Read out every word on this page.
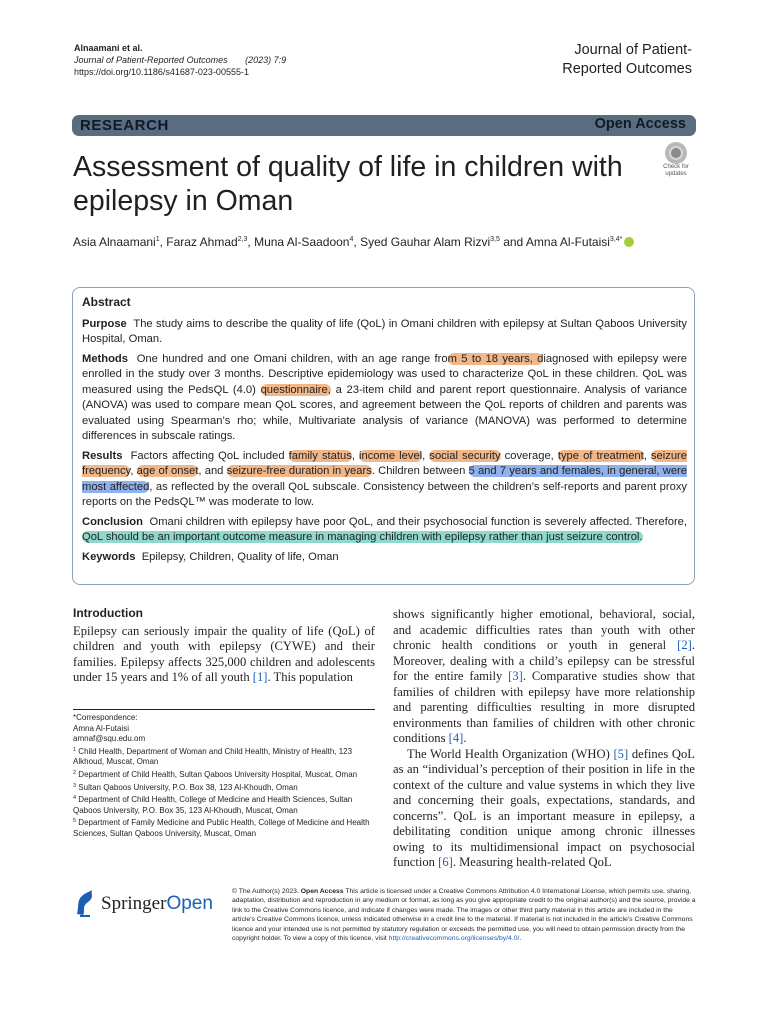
Alnaamani et al.
Journal of Patient-Reported Outcomes (2023) 7:9
https://doi.org/10.1186/s41687-023-00555-1
Journal of Patient-
Reported Outcomes
RESEARCH	Open Access
Assessment of quality of life in children with epilepsy in Oman
Check for
updates
Asia Alnaamani$^1$, Faraz Ahmad$^{2,3}$, Muna Al-Saadoon$^4$, Syed Gauhar Alam Rizvi$^{3,5}$ and Amna Al-Futaisi$^{3,4*}$
Abstract
Purpose The study aims to describe the quality of life (QoL) in Omani children with epilepsy at Sultan Qaboos University Hospital, Oman.
Methods One hundred and one Omani children, with an age range from 5 to 18 years, diagnosed with epilepsy were enrolled in the study over 3 months. Descriptive epidemiology was used to characterize QoL in these children. QoL was measured using the PedsQL (4.0) questionnaire, a 23-item child and parent report questionnaire. Analysis of variance (ANOVA) was used to compare mean QoL scores, and agreement between the QoL reports of children and parents was evaluated using Spearman’s rho; while, Multivariate analysis of variance (MANOVA) was performed to determine differences in subscale ratings.
Results Factors affecting QoL included family status, income level, social security coverage, type of treatment, seizure frequency, age of onset, and seizure-free duration in years. Children between 5 and 7 years and females, in general, were most affected, as reflected by the overall QoL subscale. Consistency between the children’s self-reports and parent proxy reports on the PedsQL™ was moderate to low.
Conclusion Omani children with epilepsy have poor QoL, and their psychosocial function is severely affected. Therefore, QoL should be an important outcome measure in managing children with epilepsy rather than just seizure control.
Keywords Epilepsy, Children, Quality of life, Oman
Introduction

Epilepsy can seriously impair the quality of life (QoL) of children and youth with epilepsy (CYWE) and their families. Epilepsy affects 325,000 children and adolescents under 15 years and 1% of all youth [1]. This population

*Correspondence:
Amna Al-Futaisi
amnaf@squ.edu.om
$^1$ Child Health, Department of Woman and Child Health, Ministry of Health, 123 Alkhoud, Muscat, Oman
$^2$ Department of Child Health, Sultan Qaboos University Hospital, Muscat, Oman
$^3$ Sultan Qaboos University, P.O. Box 38, 123 Al-Khoudh, Oman
$^4$ Department of Child Health, College of Medicine and Health Sciences, Sultan Qaboos University, P.O. Box 35, 123 Al-Khoudh, Muscat, Oman
$^5$ Department of Family Medicine and Public Health, College of Medicine and Health Sciences, Sultan Qaboos University, Muscat, Oman

shows significantly higher emotional, behavioral, social, and academic difficulties rates than youth with other chronic health conditions or youth in general [2]. Moreover, dealing with a child’s epilepsy can be stressful for the entire family [3]. Comparative studies show that families of children with epilepsy have more relationship and parenting difficulties resulting in more disrupted environments than families of children with other chronic conditions [4].

The World Health Organization (WHO) [5] defines QoL as an “individual’s perception of their position in life in the context of the culture and value systems in which they live and concerning their goals, expectations, standards, and concerns”. QoL is an important measure in epilepsy, a debilitating condition unique among chronic illnesses owing to its multidimensional impact on psychosocial function [6]. Measuring health-related QoL

SpringerOpen
© The Author(s) 2023. Open Access This article is licensed under a Creative Commons Attribution 4.0 International License, which permits use, sharing, adaptation, distribution and reproduction in any medium or format, as long as you give appropriate credit to the original author(s) and the source, provide a link to the Creative Commons licence, and indicate if changes were made. The images or other third party material in this article are included in the article’s Creative Commons licence, unless indicated otherwise in a credit line to the material. If material is not included in the article’s Creative Commons licence and your intended use is not permitted by statutory regulation or exceeds the permitted use, you will need to obtain permission directly from the copyright holder. To view a copy of this licence, visit http://creativecommons.org/licenses/by/4.0/.
